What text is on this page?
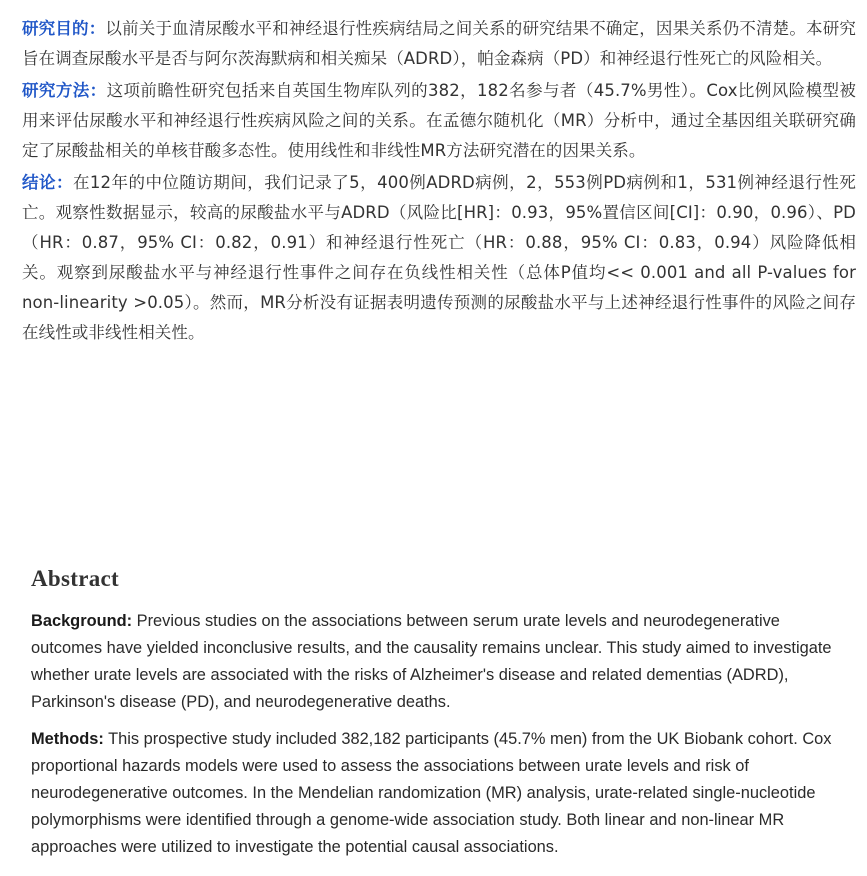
研究目的：以前关于血清尿酸水平和神经退行性疾病结局之间关系的研究结果不确定，因果关系仍不清楚。本研究旨在调查尿酸水平是否与阿尔茨海默病和相关痴呆（ADRD），帕金森病（PD）和神经退行性死亡的风险相关。

研究方法：这项前瞻性研究包括来自英国生物库队列的382，182名参与者（45.7%男性）。Cox比例风险模型被用来评估尿酸水平和神经退行性疾病风险之间的关系。在孟德尔随机化（MR）分析中，通过全基因组关联研究确定了尿酸盐相关的单核苷酸多态性。使用线性和非线性MR方法研究潜在的因果关系。

结论：在12年的中位随访期间，我们记录了5，400例ADRD病例，2，553例PD病例和1，531例神经退行性死亡。观察性数据显示，较高的尿酸盐水平与ADRD（风险比[HR]：0.93，95%置信区间[CI]：0.90，0.96）、PD（HR：0.87，95% CI：0.82，0.91）和神经退行性死亡（HR：0.88，95% CI：0.83，0.94）风险降低相关。观察到尿酸盐水平与神经退行性事件之间存在负线性相关性（总体P值均<< 0.001 and all P-values for non-linearity >0.05）。然而，MR分析没有证据表明遗传预测的尿酸盐水平与上述神经退行性事件的风险之间存在线性或非线性相关性。

Abstract

Background: Previous studies on the associations between serum urate levels and neurodegenerative outcomes have yielded inconclusive results, and the causality remains unclear. This study aimed to investigate whether urate levels are associated with the risks of Alzheimer's disease and related dementias (ADRD), Parkinson's disease (PD), and neurodegenerative deaths.

Methods: This prospective study included 382,182 participants (45.7% men) from the UK Biobank cohort. Cox proportional hazards models were used to assess the associations between urate levels and risk of neurodegenerative outcomes. In the Mendelian randomization (MR) analysis, urate-related single-nucleotide polymorphisms were identified through a genome-wide association study. Both linear and non-linear MR approaches were utilized to investigate the potential causal associations.
